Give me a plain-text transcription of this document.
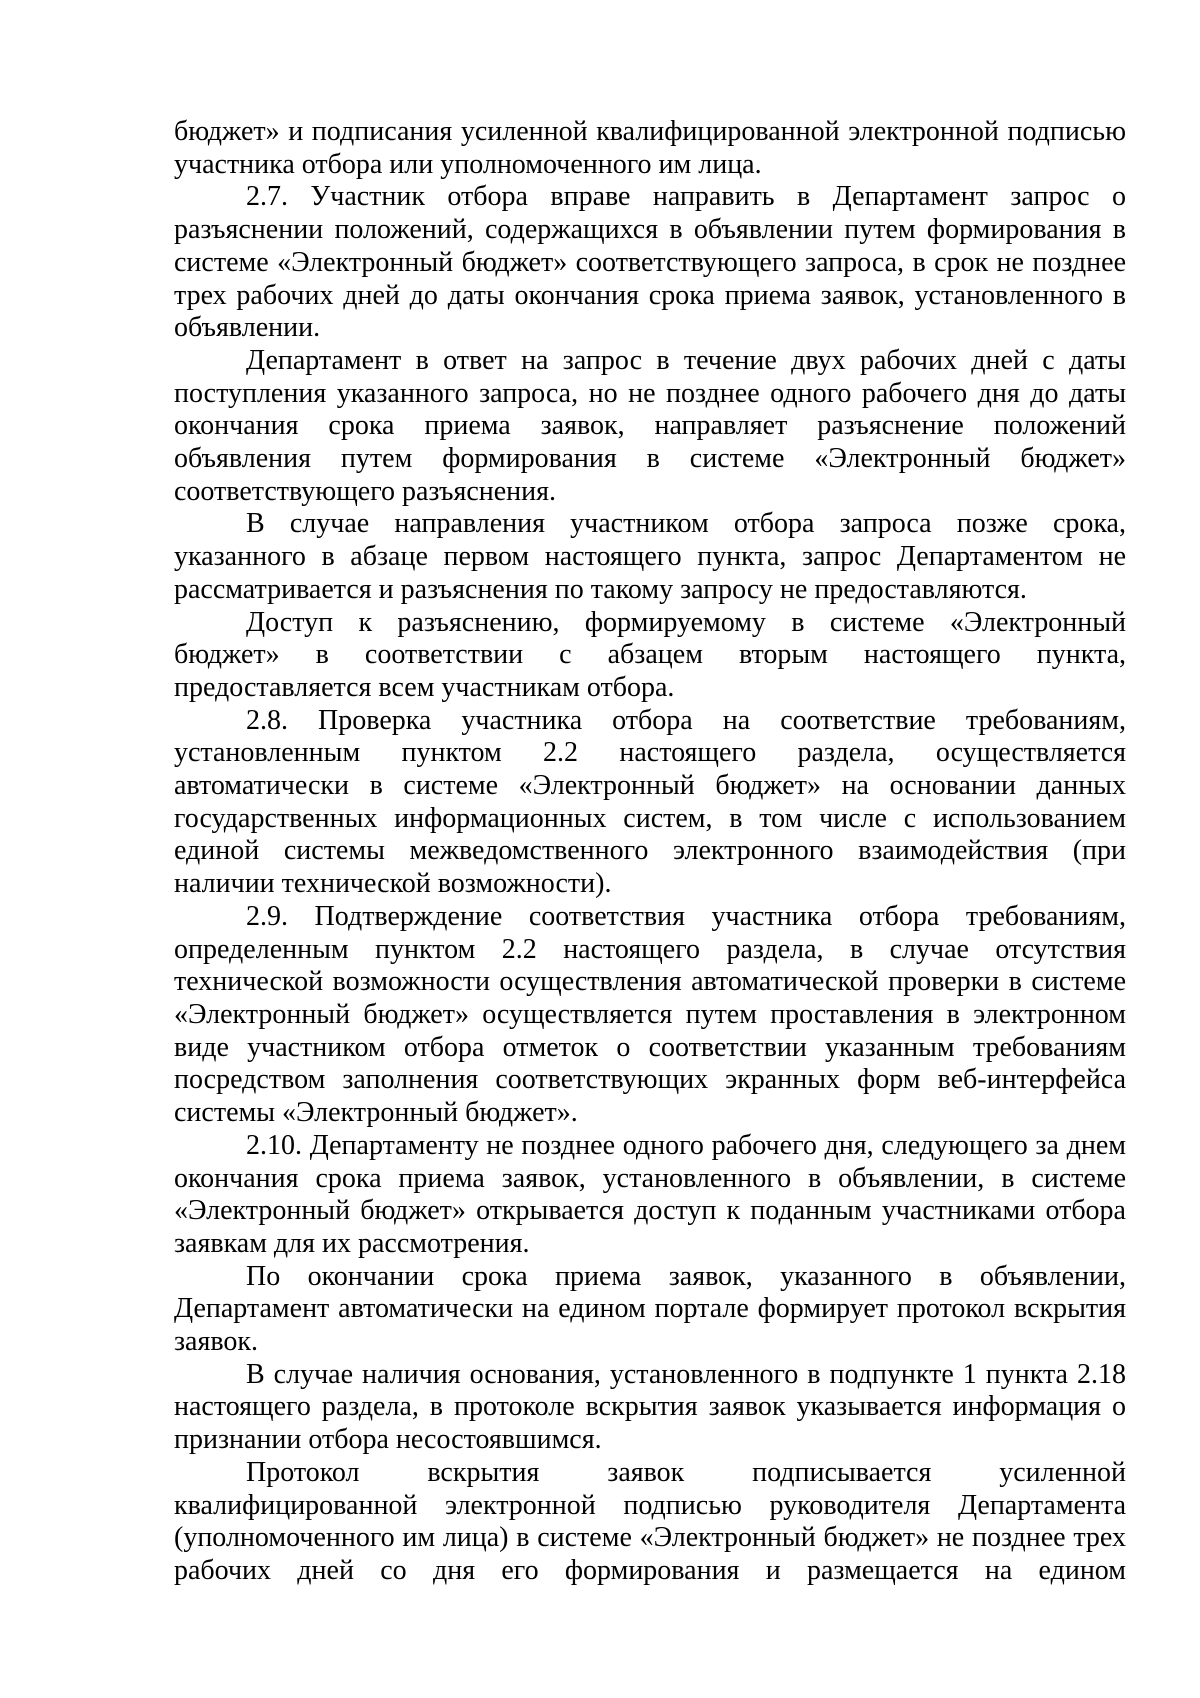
бюджет» и подписания усиленной квалифицированной электронной подписью участника отбора или уполномоченного им лица.

2.7. Участник отбора вправе направить в Департамент запрос о разъяснении положений, содержащихся в объявлении путем формирования в системе «Электронный бюджет» соответствующего запроса, в срок не позднее трех рабочих дней до даты окончания срока приема заявок, установленного в объявлении.

Департамент в ответ на запрос в течение двух рабочих дней с даты поступления указанного запроса, но не позднее одного рабочего дня до даты окончания срока приема заявок, направляет разъяснение положений объявления путем формирования в системе «Электронный бюджет» соответствующего разъяснения.

В случае направления участником отбора запроса позже срока, указанного в абзаце первом настоящего пункта, запрос Департаментом не рассматривается и разъяснения по такому запросу не предоставляются.

Доступ к разъяснению, формируемому в системе «Электронный бюджет» в соответствии с абзацем вторым настоящего пункта, предоставляется всем участникам отбора.

2.8. Проверка участника отбора на соответствие требованиям, установленным пунктом 2.2 настоящего раздела, осуществляется автоматически в системе «Электронный бюджет» на основании данных государственных информационных систем, в том числе с использованием единой системы межведомственного электронного взаимодействия (при наличии технической возможности).

2.9. Подтверждение соответствия участника отбора требованиям, определенным пунктом 2.2 настоящего раздела, в случае отсутствия технической возможности осуществления автоматической проверки в системе «Электронный бюджет» осуществляется путем проставления в электронном виде участником отбора отметок о соответствии указанным требованиям посредством заполнения соответствующих экранных форм веб-интерфейса системы «Электронный бюджет».

2.10. Департаменту не позднее одного рабочего дня, следующего за днем окончания срока приема заявок, установленного в объявлении, в системе «Электронный бюджет» открывается доступ к поданным участниками отбора заявкам для их рассмотрения.

По окончании срока приема заявок, указанного в объявлении, Департамент автоматически на едином портале формирует протокол вскрытия заявок.

В случае наличия основания, установленного в подпункте 1 пункта 2.18 настоящего раздела, в протоколе вскрытия заявок указывается информация о признании отбора несостоявшимся.

Протокол вскрытия заявок подписывается усиленной квалифицированной электронной подписью руководителя Департамента (уполномоченного им лица) в системе «Электронный бюджет» не позднее трех рабочих дней со дня его формирования и размещается на едином
